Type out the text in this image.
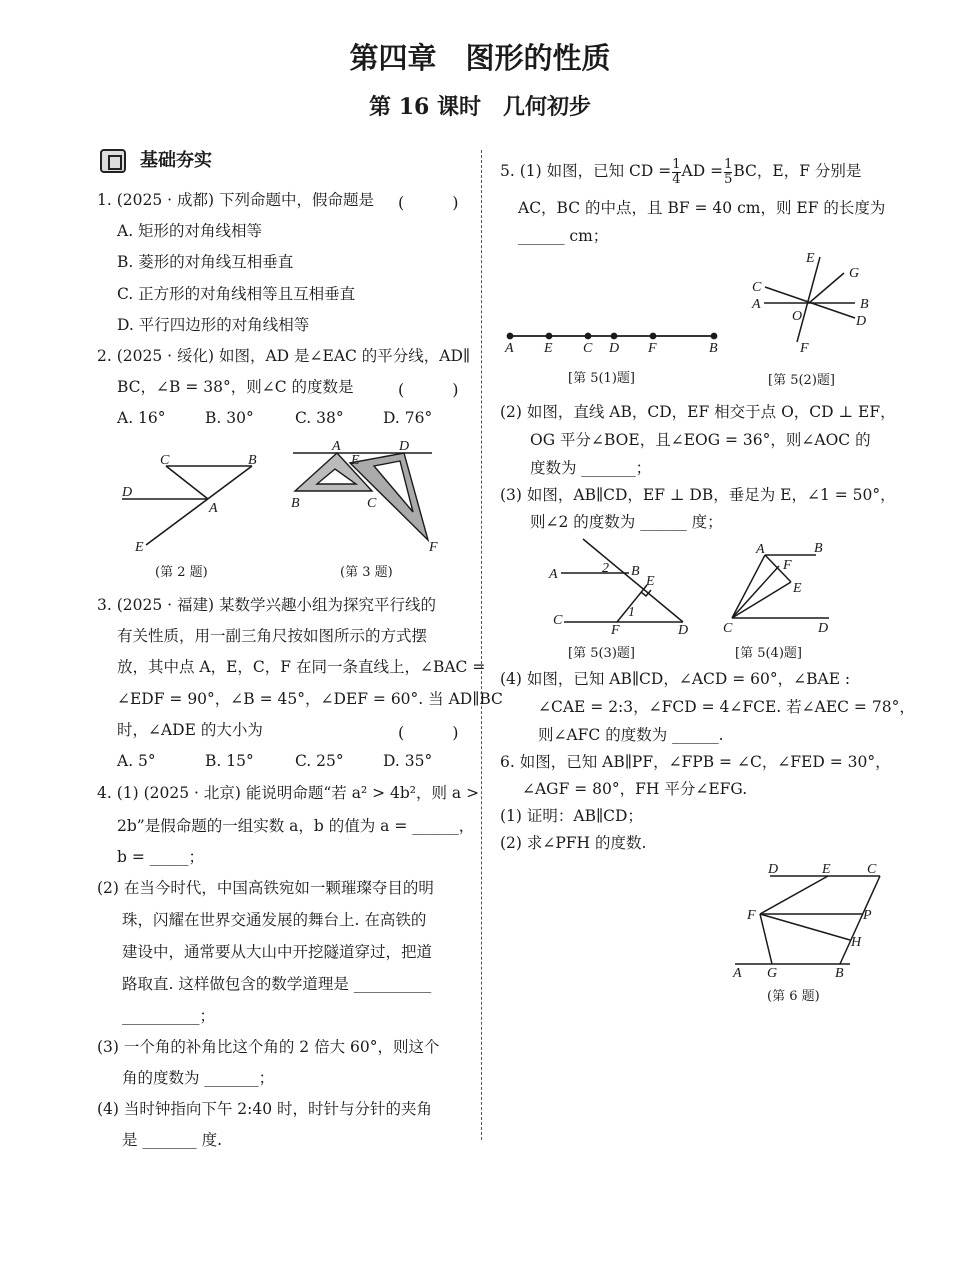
第四章　图形的性质
第 16 课时　几何初步
基础夯实
1. (2025 · 成都) 下列命题中，假命题是 (　　　)
A. 矩形的对角线相等
B. 菱形的对角线互相垂直
C. 正方形的对角线相等且互相垂直
D. 平行四边形的对角线相等
2. (2025 · 绥化) 如图，AD 是∠EAC 的平分线，AD∥
BC，∠B = 38°，则∠C 的度数是	(　　　)
A. 16°	B. 30°	C. 38°	D. 76°
C	B
D
A
E
A	D
E
B	C
F
A E C D F	B
E
G
C
A	B
O	D
F
A	2 B
E
1
C
F	D
A	B
F
E
C	D
D	E	C
F	P
H
A G	B
(第 2 题)	(第 3 题)
3. (2025 · 福建) 某数学兴趣小组为探究平行线的
有关性质，用一副三角尺按如图所示的方式摆
放，其中点 A，E，C，F 在同一条直线上，∠BAC =
∠EDF = 90°，∠B = 45°，∠DEF = 60°. 当 AD∥BC
时，∠ADE 的大小为	(　　　)
A. 5°	B. 15°	C. 25°	D. 35°
4. (1) (2025 · 北京) 能说明命题“若 a² > 4b²，则 a >
2b”是假命题的一组实数 a，b 的值为 a = ______，
b = _____；
(2) 在当今时代，中国高铁宛如一颗璀璨夺目的明
珠，闪耀在世界交通发展的舞台上. 在高铁的
建设中，通常要从大山中开挖隧道穿过，把道
路取直. 这样做包含的数学道理是 __________
__________；
(3) 一个角的补角比这个角的 2 倍大 60°，则这个
角的度数为 _______；
(4) 当时钟指向下午 2:40 时，时针与分针的夹角
是 _______ 度.
5. (1) 如图，已知 CD = $\frac{1}{4}$ AD = $\frac{1}{5}$ BC，E，F 分别是
AC，BC 的中点，且 BF = 40 cm，则 EF 的长度为
______ cm；
[第 5(1)题]	[第 5(2)题]
(2) 如图，直线 AB，CD，EF 相交于点 O，CD ⊥ EF，
OG 平分∠BOE，且∠EOG = 36°，则∠AOC 的
度数为 _______；
(3) 如图，AB∥CD，EF ⊥ DB，垂足为 E，∠1 = 50°，
则∠2 的度数为 ______ 度；
[第 5(3)题]	[第 5(4)题]
(4) 如图，已知 AB∥CD，∠ACD = 60°，∠BAE :
∠CAE = 2:3，∠FCD = 4∠FCE. 若∠AEC = 78°，
则∠AFC 的度数为 ______.
6. 如图，已知 AB∥PF，∠FPB = ∠C，∠FED = 30°，
∠AGF = 80°，FH 平分∠EFG.
(1) 证明：AB∥CD；
(2) 求∠PFH 的度数.
(第 6 题)
